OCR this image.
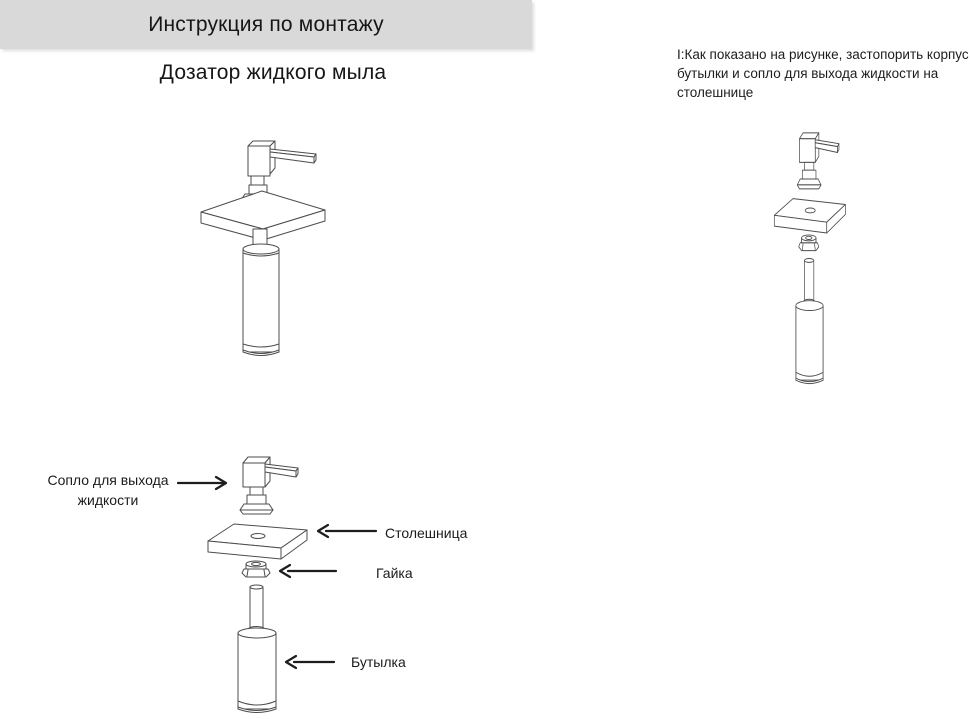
Инструкция по монтажу
Дозатор жидкого мыла

I:Как показано на рисунке, застопорить корпус бутылки и сопло для выхода жидкости на столешнице

Сопло для выхода жидкости
Столешница
Гайка
Бутылка
